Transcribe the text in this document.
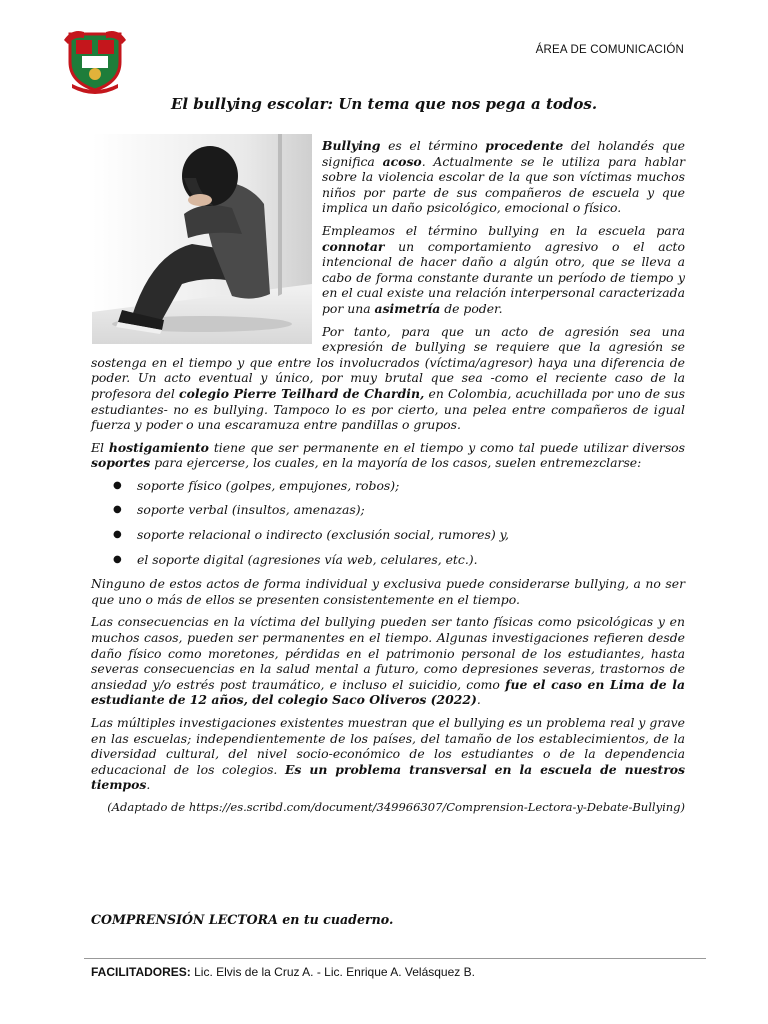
ÁREA DE COMUNICACIÓN
El bullying escolar: Un tema que nos pega a todos.

Bullying es el término procedente del holandés que significa acoso. Actualmente se le utiliza para hablar sobre la violencia escolar de la que son víctimas muchos niños por parte de sus compañeros de escuela y que implica un daño psicológico, emocional o físico.

Empleamos el término bullying en la escuela para connotar un comportamiento agresivo o el acto intencional de hacer daño a algún otro, que se lleva a cabo de forma constante durante un período de tiempo y en el cual existe una relación interpersonal caracterizada por una asimetría de poder.

Por tanto, para que un acto de agresión sea una expresión de bullying se requiere que la agresión se sostenga en el tiempo y que entre los involucrados (víctima/agresor) haya una diferencia de poder. Un acto eventual y único, por muy brutal que sea -como el reciente caso de la profesora del colegio Pierre Teilhard de Chardin, en Colombia, acuchillada por uno de sus estudiantes- no es bullying. Tampoco lo es por cierto, una pelea entre compañeros de igual fuerza y poder o una escaramuza entre pandillas o grupos.

El hostigamiento tiene que ser permanente en el tiempo y como tal puede utilizar diversos soportes para ejercerse, los cuales, en la mayoría de los casos, suelen entremezclarse:

● soporte físico (golpes, empujones, robos);
● soporte verbal (insultos, amenazas);
● soporte relacional o indirecto (exclusión social, rumores) y,
● el soporte digital (agresiones vía web, celulares, etc.).

Ninguno de estos actos de forma individual y exclusiva puede considerarse bullying, a no ser que uno o más de ellos se presenten consistentemente en el tiempo.

Las consecuencias en la víctima del bullying pueden ser tanto físicas como psicológicas y en muchos casos, pueden ser permanentes en el tiempo. Algunas investigaciones refieren desde daño físico como moretones, pérdidas en el patrimonio personal de los estudiantes, hasta severas consecuencias en la salud mental a futuro, como depresiones severas, trastornos de ansiedad y/o estrés post traumático, e incluso el suicidio, como fue el caso en Lima de la estudiante de 12 años, del colegio Saco Oliveros (2022).

Las múltiples investigaciones existentes muestran que el bullying es un problema real y grave en las escuelas; independientemente de los países, del tamaño de los establecimientos, de la diversidad cultural, del nivel socio-económico de los estudiantes o de la dependencia educacional de los colegios. Es un problema transversal en la escuela de nuestros tiempos.

(Adaptado de https://es.scribd.com/document/349966307/Comprension-Lectora-y-Debate-Bullying)
COMPRENSIÓN LECTORA en tu cuaderno.
FACILITADORES: Lic. Elvis de la Cruz A. - Lic. Enrique A. Velásquez B.
